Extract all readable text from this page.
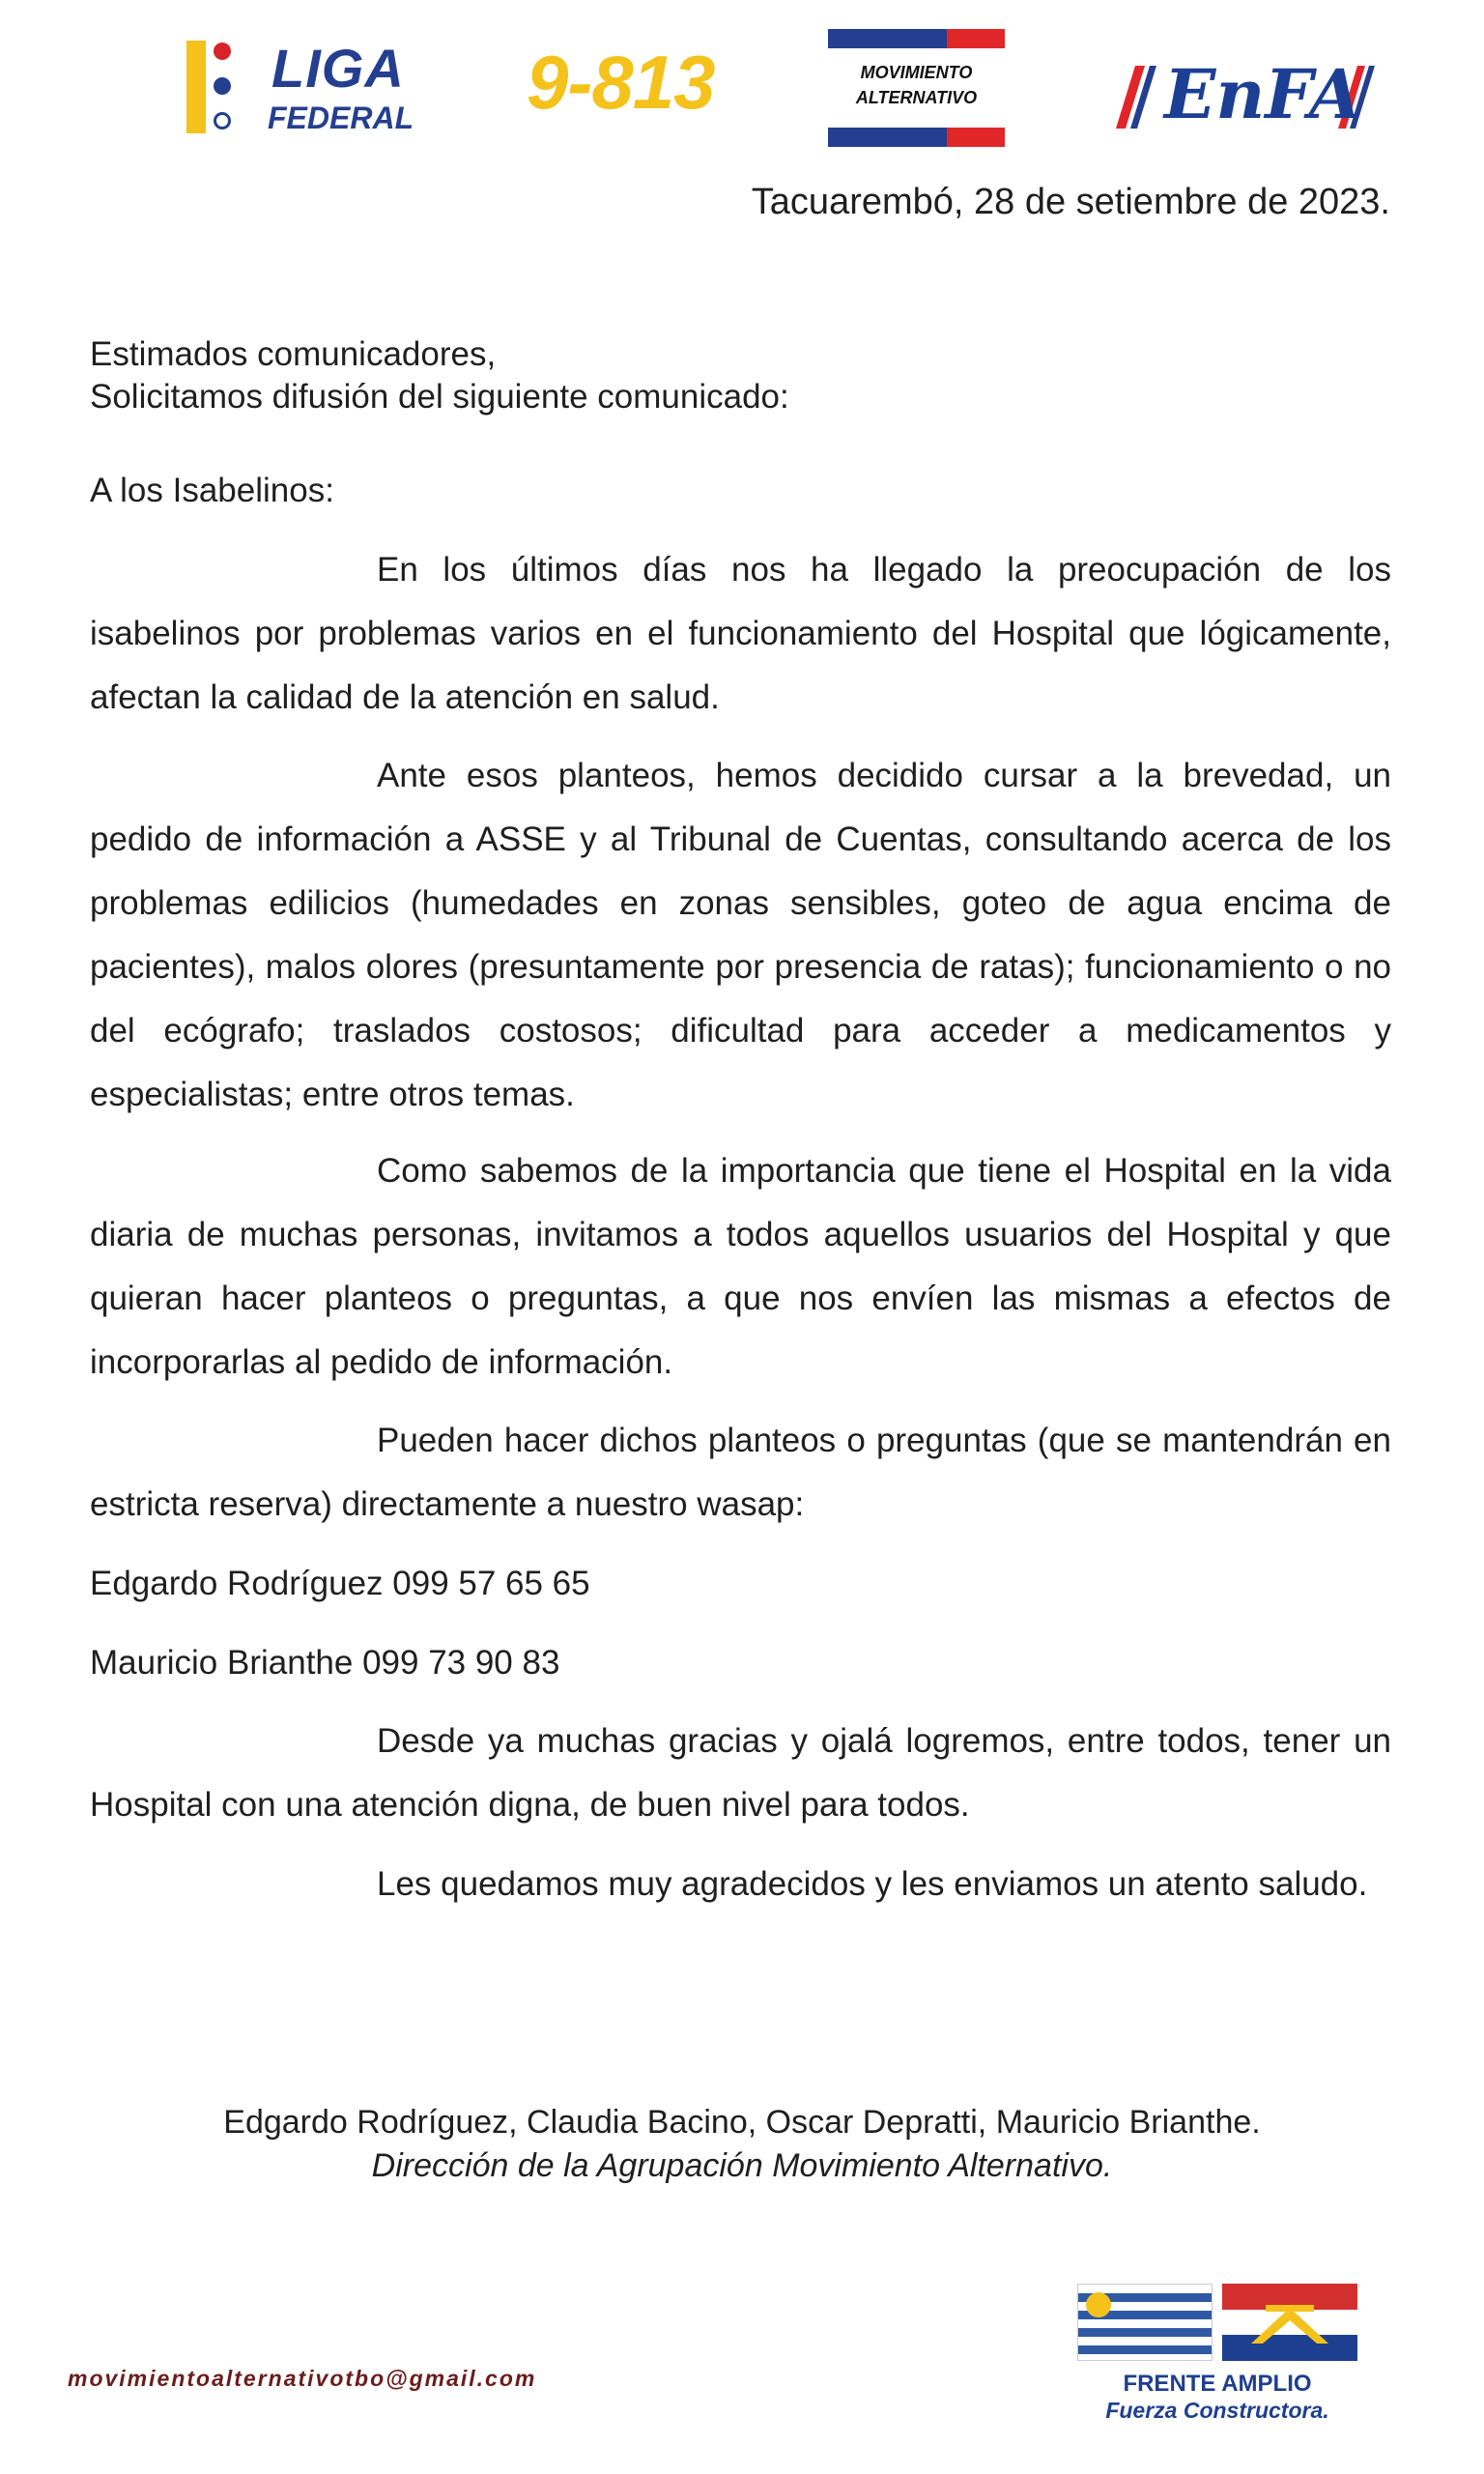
LIGA
FEDERAL 9-813	MOVIMIENTO
ALTERNATIVO	EnFA
Tacuarembó, 28 de setiembre de 2023.
Estimados comunicadores,
Solicitamos difusión del siguiente comunicado:
A los Isabelinos:

En los últimos días nos ha llegado la preocupación de los isabelinos por problemas varios en el funcionamiento del Hospital que lógicamente, afectan la calidad de la atención en salud.

Ante esos planteos, hemos decidido cursar a la brevedad, un pedido de información a ASSE y al Tribunal de Cuentas, consultando acerca de los problemas edilicios (humedades en zonas sensibles, goteo de agua encima de pacientes), malos olores (presuntamente por presencia de ratas); funcionamiento o no del ecógrafo; traslados costosos; dificultad para acceder a medicamentos y especialistas; entre otros temas.

Como sabemos de la importancia que tiene el Hospital en la vida diaria de muchas personas, invitamos a todos aquellos usuarios del Hospital y que quieran hacer planteos o preguntas, a que nos envíen las mismas a efectos de incorporarlas al pedido de información.

Pueden hacer dichos planteos o preguntas (que se mantendrán en estricta reserva) directamente a nuestro wasap:

Edgardo Rodríguez 099 57 65 65
Mauricio Brianthe 099 73 90 83

Desde ya muchas gracias y ojalá logremos, entre todos, tener un Hospital con una atención digna, de buen nivel para todos.

Les quedamos muy agradecidos y les enviamos un atento saludo.

Edgardo Rodríguez, Claudia Bacino, Oscar Depratti, Mauricio Brianthe.
Dirección de la Agrupación Movimiento Alternativo.
movimientoalternativotbo@gmail.com	FRENTE AMPLIO
Fuerza Constructora.
